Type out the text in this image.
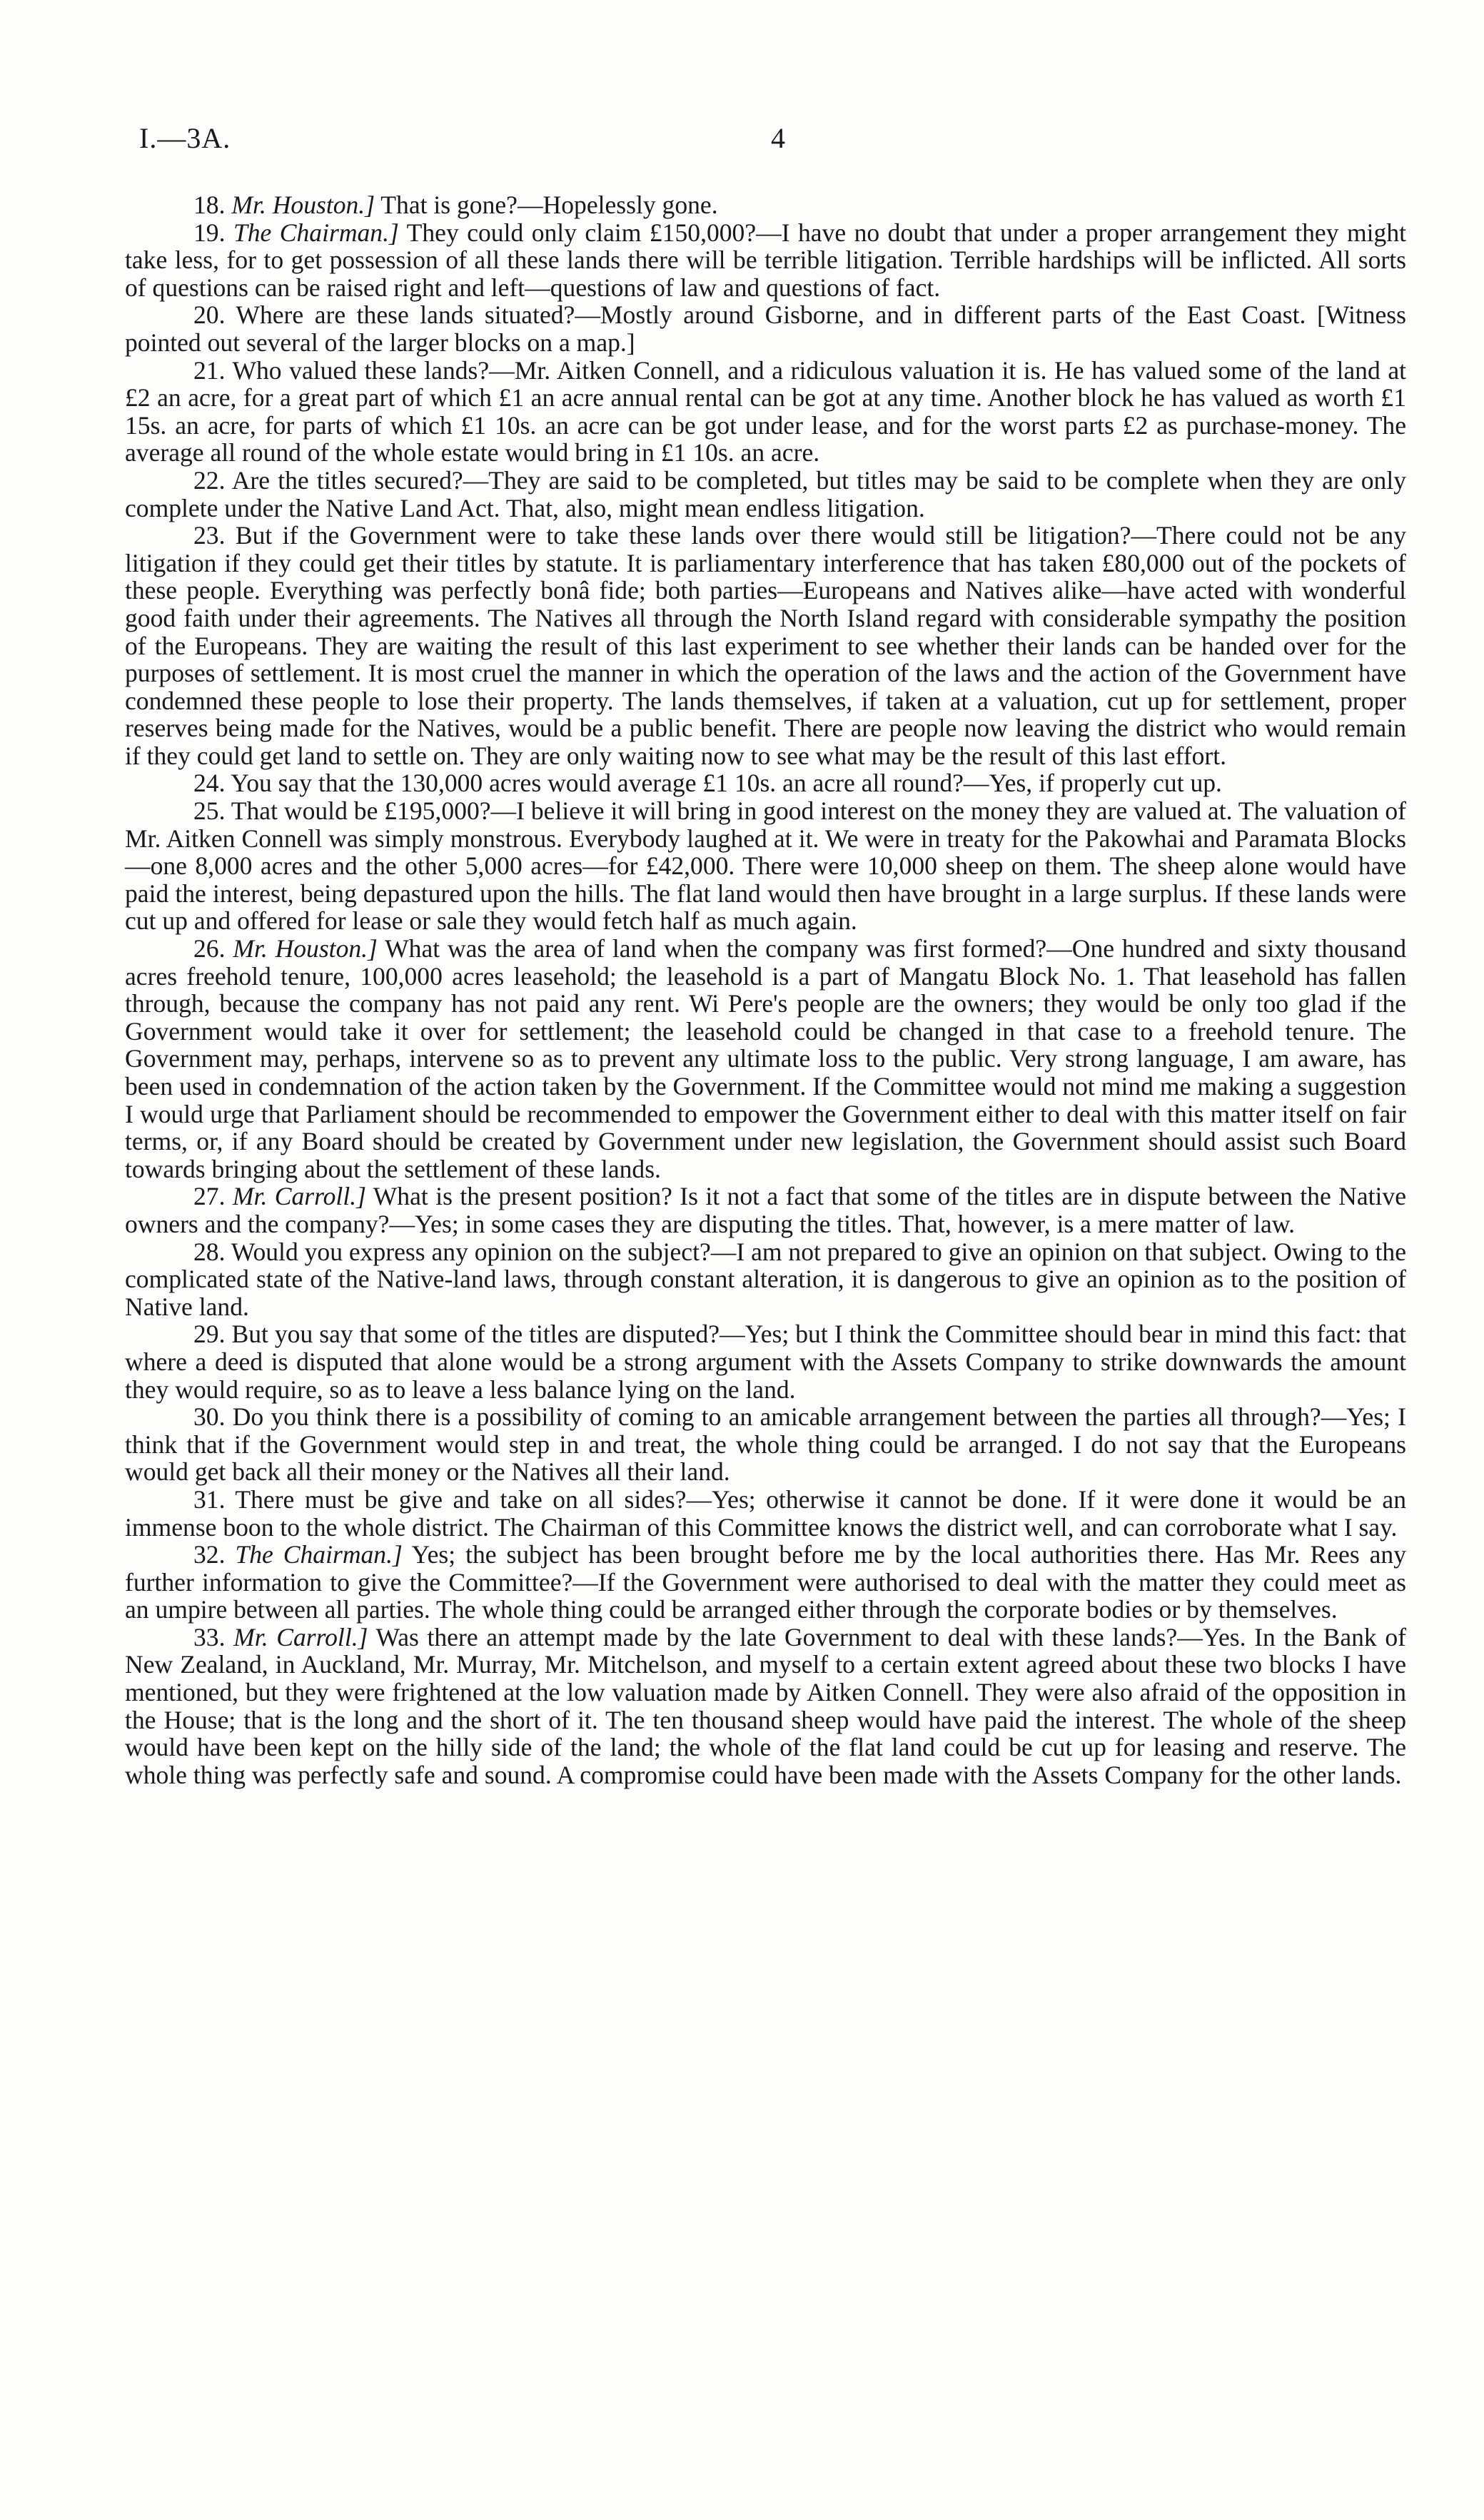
I.—3A.	4

18. Mr. Houston.] That is gone?—Hopelessly gone.

19. The Chairman.] They could only claim £150,000?—I have no doubt that under a proper arrangement they might take less, for to get possession of all these lands there will be terrible litigation. Terrible hardships will be inflicted. All sorts of questions can be raised right and left—questions of law and questions of fact.

20. Where are these lands situated?—Mostly around Gisborne, and in different parts of the East Coast. [Witness pointed out several of the larger blocks on a map.]

21. Who valued these lands?—Mr. Aitken Connell, and a ridiculous valuation it is. He has valued some of the land at £2 an acre, for a great part of which £1 an acre annual rental can be got at any time. Another block he has valued as worth £1 15s. an acre, for parts of which £1 10s. an acre can be got under lease, and for the worst parts £2 as purchase-money. The average all round of the whole estate would bring in £1 10s. an acre.

22. Are the titles secured?—They are said to be completed, but titles may be said to be complete when they are only complete under the Native Land Act. That, also, might mean endless litigation.

23. But if the Government were to take these lands over there would still be litigation?—There could not be any litigation if they could get their titles by statute. It is parliamentary interference that has taken £80,000 out of the pockets of these people. Everything was perfectly bonâ fide; both parties—Europeans and Natives alike—have acted with wonderful good faith under their agreements. The Natives all through the North Island regard with considerable sympathy the position of the Europeans. They are waiting the result of this last experiment to see whether their lands can be handed over for the purposes of settlement. It is most cruel the manner in which the operation of the laws and the action of the Government have condemned these people to lose their property. The lands themselves, if taken at a valuation, cut up for settlement, proper reserves being made for the Natives, would be a public benefit. There are people now leaving the district who would remain if they could get land to settle on. They are only waiting now to see what may be the result of this last effort.

24. You say that the 130,000 acres would average £1 10s. an acre all round?—Yes, if properly cut up.

25. That would be £195,000?—I believe it will bring in good interest on the money they are valued at. The valuation of Mr. Aitken Connell was simply monstrous. Everybody laughed at it. We were in treaty for the Pakowhai and Paramata Blocks—one 8,000 acres and the other 5,000 acres—for £42,000. There were 10,000 sheep on them. The sheep alone would have paid the interest, being depastured upon the hills. The flat land would then have brought in a large surplus. If these lands were cut up and offered for lease or sale they would fetch half as much again.

26. Mr. Houston.] What was the area of land when the company was first formed?—One hundred and sixty thousand acres freehold tenure, 100,000 acres leasehold; the leasehold is a part of Mangatu Block No. 1. That leasehold has fallen through, because the company has not paid any rent. Wi Pere's people are the owners; they would be only too glad if the Government would take it over for settlement; the leasehold could be changed in that case to a freehold tenure. The Government may, perhaps, intervene so as to prevent any ultimate loss to the public. Very strong language, I am aware, has been used in condemnation of the action taken by the Government. If the Committee would not mind me making a suggestion I would urge that Parliament should be recommended to empower the Government either to deal with this matter itself on fair terms, or, if any Board should be created by Government under new legislation, the Government should assist such Board towards bringing about the settlement of these lands.

27. Mr. Carroll.] What is the present position? Is it not a fact that some of the titles are in dispute between the Native owners and the company?—Yes; in some cases they are disputing the titles. That, however, is a mere matter of law.

28. Would you express any opinion on the subject?—I am not prepared to give an opinion on that subject. Owing to the complicated state of the Native-land laws, through constant alteration, it is dangerous to give an opinion as to the position of Native land.

29. But you say that some of the titles are disputed?—Yes; but I think the Committee should bear in mind this fact: that where a deed is disputed that alone would be a strong argument with the Assets Company to strike downwards the amount they would require, so as to leave a less balance lying on the land.

30. Do you think there is a possibility of coming to an amicable arrangement between the parties all through?—Yes; I think that if the Government would step in and treat, the whole thing could be arranged. I do not say that the Europeans would get back all their money or the Natives all their land.

31. There must be give and take on all sides?—Yes; otherwise it cannot be done. If it were done it would be an immense boon to the whole district. The Chairman of this Committee knows the district well, and can corroborate what I say.

32. The Chairman.] Yes; the subject has been brought before me by the local authorities there. Has Mr. Rees any further information to give the Committee?—If the Government were authorised to deal with the matter they could meet as an umpire between all parties. The whole thing could be arranged either through the corporate bodies or by themselves.

33. Mr. Carroll.] Was there an attempt made by the late Government to deal with these lands?—Yes. In the Bank of New Zealand, in Auckland, Mr. Murray, Mr. Mitchelson, and myself to a certain extent agreed about these two blocks I have mentioned, but they were frightened at the low valuation made by Aitken Connell. They were also afraid of the opposition in the House; that is the long and the short of it. The ten thousand sheep would have paid the interest. The whole of the sheep would have been kept on the hilly side of the land; the whole of the flat land could be cut up for leasing and reserve. The whole thing was perfectly safe and sound. A compromise could have been made with the Assets Company for the other lands.
